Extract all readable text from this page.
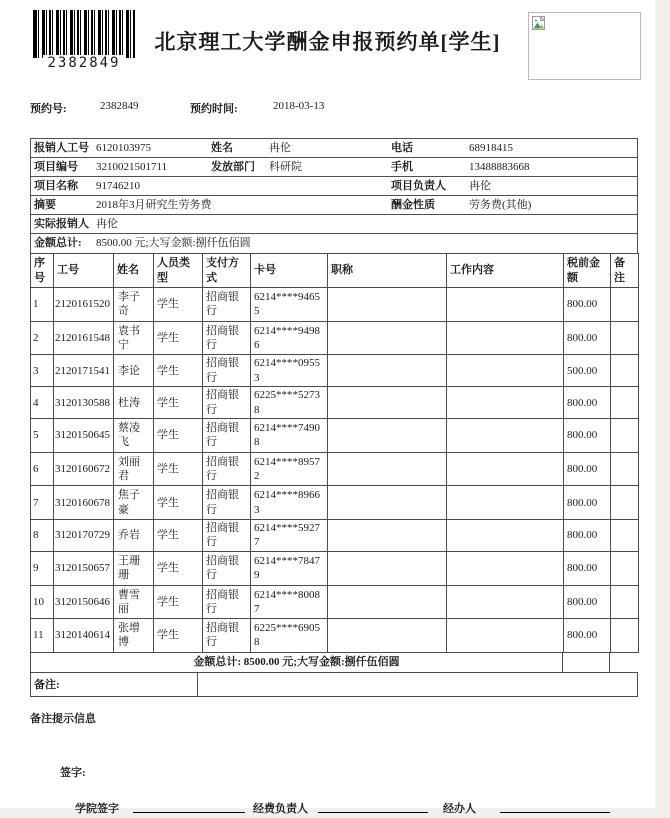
2382849
北京理工大学酬金申报预约单[学生]
预约号:	2382849	预约时间:	2018-03-13
报销人工号 6120103975	姓名	冉伦	电话	68918415
项目编号 3210021501711	发放部门 科研院	手机	13488883668
项目名称 91746210	项目负责人 冉伦
摘要	2018年3月研究生劳务费	酬金性质	劳务费(其他)
实际报销人 冉伦
金额总计: 8500.00 元;大写金额:捌仟伍佰圆
序号	工号	姓名	人员类型	支付方式	卡号	职称	工作内容	税前金额	备注
1	2120161520	李子奇	学生	招商银行	6214****94655			800.00	
2	2120161548	袁书宁	学生	招商银行	6214****94986			800.00	
3	2120171541	李论	学生	招商银行	6214****09553			500.00	
4	3120130588	杜涛	学生	招商银行	6225****52738			800.00	
5	3120150645	蔡凌飞	学生	招商银行	6214****74908			800.00	
6	3120160672	刘丽君	学生	招商银行	6214****89572			800.00	
7	3120160678	焦子豪	学生	招商银行	6214****89663			800.00	
8	3120170729	乔岩	学生	招商银行	6214****59277			800.00	
9	3120150657	王珊珊	学生	招商银行	6214****78479			800.00	
10	3120150646	曹雪丽	学生	招商银行	6214****80087			800.00	
11	3120140614	张增博	学生	招商银行	6225****69058			800.00	
金额总计: 8500.00 元;大写金额:捌仟伍佰圆
备注:
备注提示信息
签字:
学院签字	经费负责人	经办人
